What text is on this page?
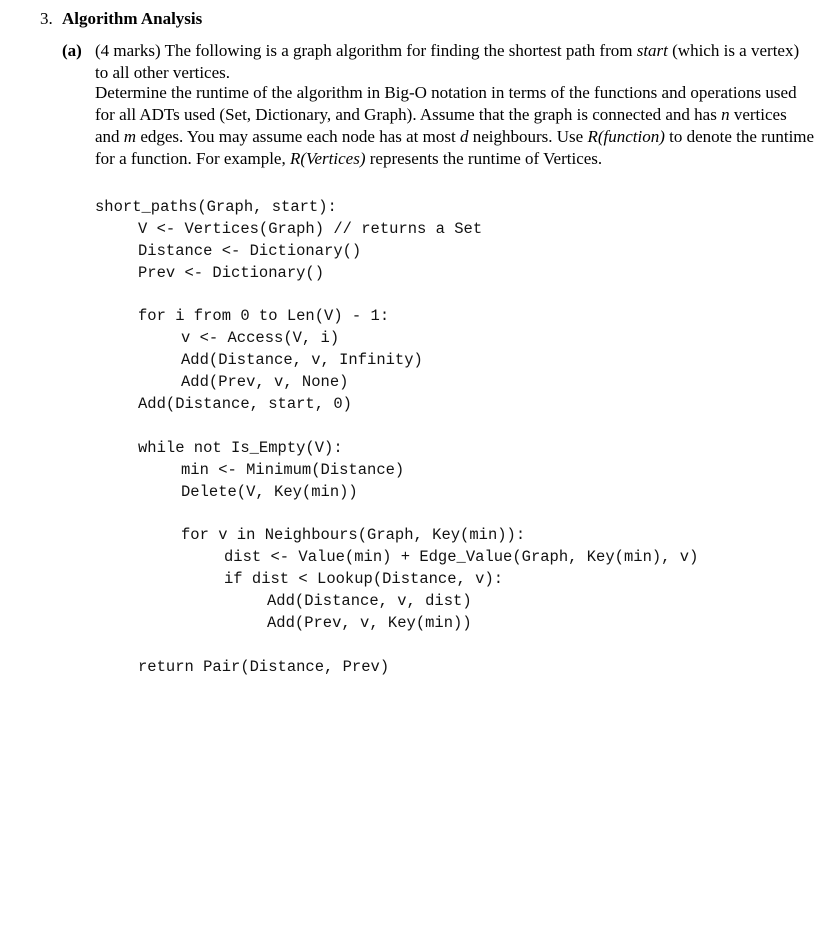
3. Algorithm Analysis
(a) (4 marks) The following is a graph algorithm for finding the shortest path from start (which is a vertex) to all other vertices.

Determine the runtime of the algorithm in Big-O notation in terms of the functions and operations used for all ADTs used (Set, Dictionary, and Graph). Assume that the graph is connected and has n vertices and m edges. You may assume each node has at most d neighbours. Use R(function) to denote the runtime for a function. For example, R(Vertices) represents the runtime of Vertices.

short_paths(Graph, start):
V <- Vertices(Graph) // returns a Set
Distance <- Dictionary()
Prev <- Dictionary()
for i from 0 to Len(V) - 1:
v <- Access(V, i)
Add(Distance, v, Infinity)
Add(Prev, v, None)
Add(Distance, start, 0)
while not Is_Empty(V):
min <- Minimum(Distance)
Delete(V, Key(min))
for v in Neighbours(Graph, Key(min)):
dist <- Value(min) + Edge_Value(Graph, Key(min), v)
if dist < Lookup(Distance, v):
Add(Distance, v, dist)
Add(Prev, v, Key(min))
return Pair(Distance, Prev)
